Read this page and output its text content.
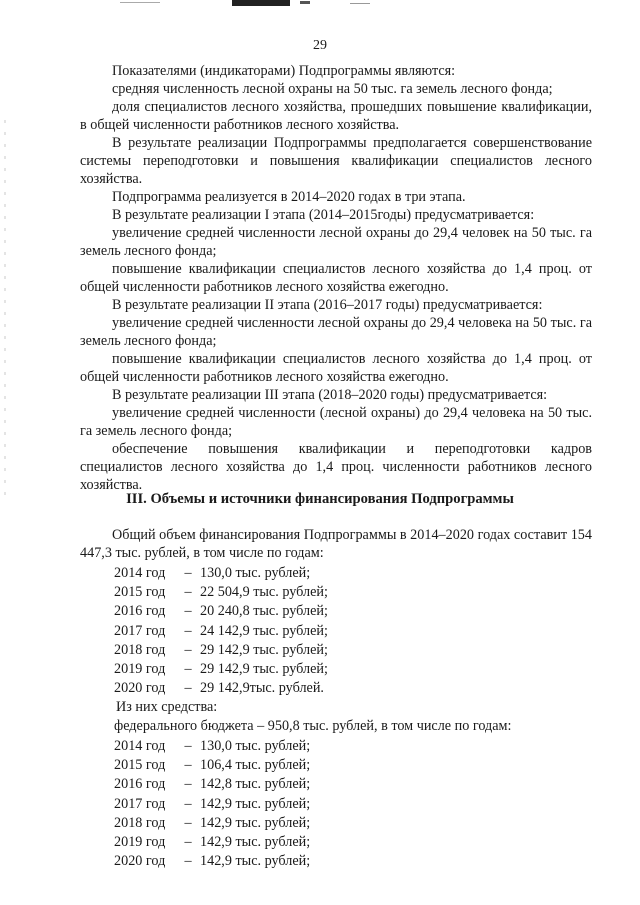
29

Показателями (индикаторами) Подпрограммы являются:

средняя численность лесной охраны на 50 тыс. га земель лесного фонда;

доля специалистов лесного хозяйства, прошедших повышение квалификации, в общей численности работников лесного хозяйства.

В результате реализации Подпрограммы предполагается совершенствование системы переподготовки и повышения квалификации специалистов лесного хозяйства.

Подпрограмма реализуется в 2014–2020 годах в три этапа.

В результате реализации I этапа (2014–2015годы) предусматривается:

увеличение средней численности лесной охраны до 29,4 человек на 50 тыс. га земель лесного фонда;

повышение квалификации специалистов лесного хозяйства до 1,4 проц. от общей численности работников лесного хозяйства ежегодно.

В результате реализации II этапа (2016–2017 годы) предусматривается:

увеличение средней численности лесной охраны до 29,4 человека на 50 тыс. га земель лесного фонда;

повышение квалификации специалистов лесного хозяйства до 1,4 проц. от общей численности работников лесного хозяйства ежегодно.

В результате реализации III этапа (2018–2020 годы) предусматривается:

увеличение средней численности (лесной охраны) до 29,4 человека на 50 тыс. га земель лесного фонда;

обеспечение повышения квалификации и переподготовки кадров специалистов лесного хозяйства до 1,4 проц. численности работников лесного хозяйства.

III. Объемы и источники финансирования Подпрограммы

Общий объем финансирования Подпрограммы в 2014–2020 годах составит 154 447,3 тыс. рублей, в том числе по годам:

2014 год – 130,0 тыс. рублей;
2015 год – 22 504,9 тыс. рублей;
2016 год – 20 240,8 тыс. рублей;
2017 год – 24 142,9 тыс. рублей;
2018 год – 29 142,9 тыс. рублей;
2019 год – 29 142,9 тыс. рублей;
2020 год – 29 142,9тыс. рублей.

Из них средства:

федерального бюджета – 950,8 тыс. рублей, в том числе по годам:

2014 год – 130,0 тыс. рублей;
2015 год – 106,4 тыс. рублей;
2016 год – 142,8 тыс. рублей;
2017 год – 142,9 тыс. рублей;
2018 год – 142,9 тыс. рублей;
2019 год – 142,9 тыс. рублей;
2020 год – 142,9 тыс. рублей;
